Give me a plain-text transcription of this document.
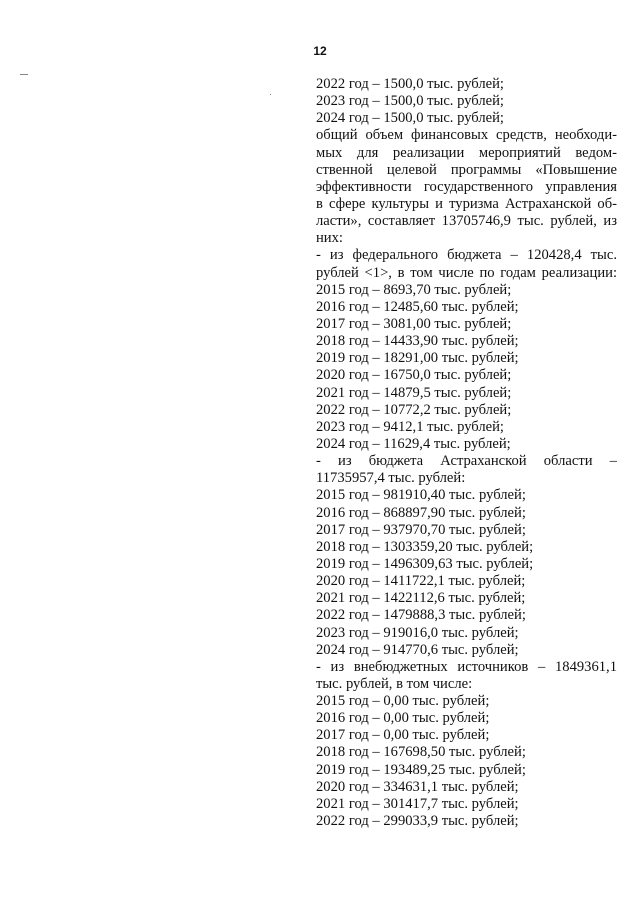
12
2022 год – 1500,0 тыс. рублей;
2023 год – 1500,0 тыс. рублей;
2024 год – 1500,0 тыс. рублей;
общий объем финансовых средств, необходи-
мых для реализации мероприятий ведом-
ственной целевой программы «Повышение
эффективности государственного управления
в сфере культуры и туризма Астраханской об-
ласти», составляет 13705746,9 тыс. рублей, из
них:
- из федерального бюджета – 120428,4 тыс.
рублей <1>, в том числе по годам реализации:
2015 год – 8693,70 тыс. рублей;
2016 год – 12485,60 тыс. рублей;
2017 год – 3081,00 тыс. рублей;
2018 год – 14433,90 тыс. рублей;
2019 год – 18291,00 тыс. рублей;
2020 год – 16750,0 тыс. рублей;
2021 год – 14879,5 тыс. рублей;
2022 год – 10772,2 тыс. рублей;
2023 год – 9412,1 тыс. рублей;
2024 год – 11629,4 тыс. рублей;
- из бюджета Астраханской области –
11735957,4 тыс. рублей:
2015 год – 981910,40 тыс. рублей;
2016 год – 868897,90 тыс. рублей;
2017 год – 937970,70 тыс. рублей;
2018 год – 1303359,20 тыс. рублей;
2019 год – 1496309,63 тыс. рублей;
2020 год – 1411722,1 тыс. рублей;
2021 год – 1422112,6 тыс. рублей;
2022 год – 1479888,3 тыс. рублей;
2023 год – 919016,0 тыс. рублей;
2024 год – 914770,6 тыс. рублей;
- из внебюджетных источников – 1849361,1
тыс. рублей, в том числе:
2015 год – 0,00 тыс. рублей;
2016 год – 0,00 тыс. рублей;
2017 год – 0,00 тыс. рублей;
2018 год – 167698,50 тыс. рублей;
2019 год – 193489,25 тыс. рублей;
2020 год – 334631,1 тыс. рублей;
2021 год – 301417,7 тыс. рублей;
2022 год – 299033,9 тыс. рублей;
